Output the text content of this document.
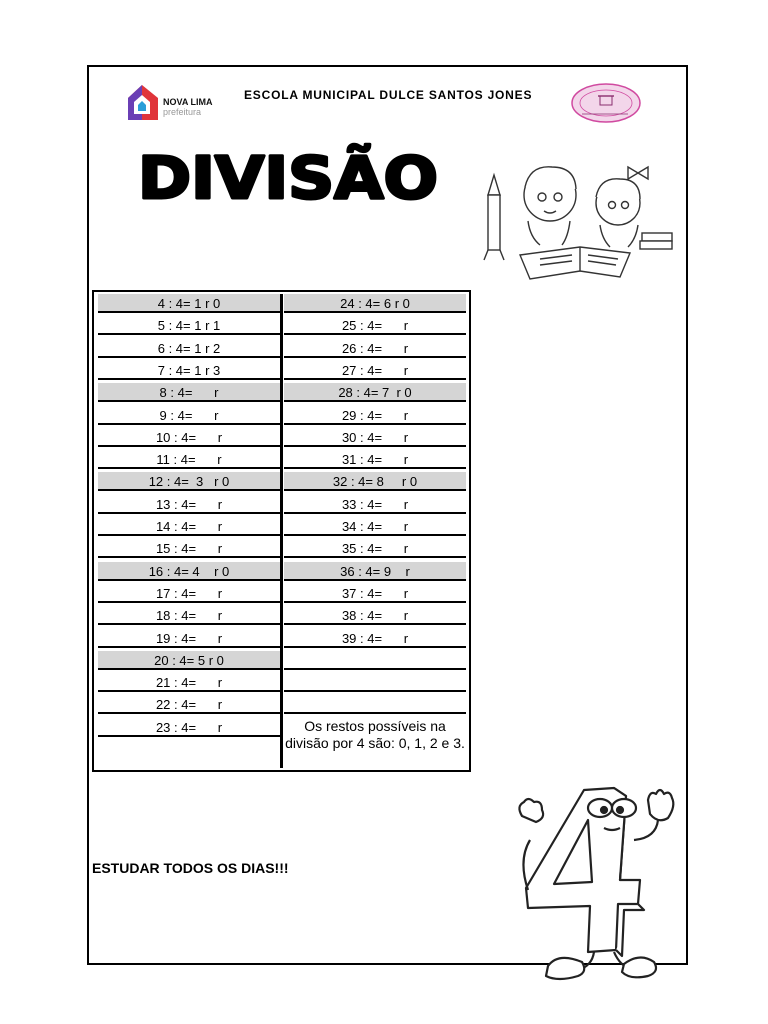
NOVA LIMA
prefeitura
ESCOLA MUNICIPAL DULCE SANTOS JONES
DIVISÃO
4 : 4= 1 r 0
5 : 4= 1 r 1
6 : 4= 1 r 2
7 : 4= 1 r 3
8 : 4=      r
9 : 4=      r
10 : 4=      r
11 : 4=      r
12 : 4=  3   r 0
13 : 4=      r
14 : 4=      r
15 : 4=      r
16 : 4= 4    r 0
17 : 4=      r
18 : 4=      r
19 : 4=      r
20 : 4= 5 r 0
21 : 4=      r
22 : 4=      r
23 : 4=      r	Os restos possíveis na divisão por 4 são: 0, 1, 2 e 3.
24 : 4= 6 r 0
25 : 4=      r
26 : 4=      r
27 : 4=      r
28 : 4= 7  r 0
29 : 4=      r
30 : 4=      r
31 : 4=      r
32 : 4= 8     r 0
33 : 4=      r
34 : 4=      r
35 : 4=      r
36 : 4= 9    r
37 : 4=      r
38 : 4=      r
39 : 4=      r
ESTUDAR TODOS OS DIAS!!!
